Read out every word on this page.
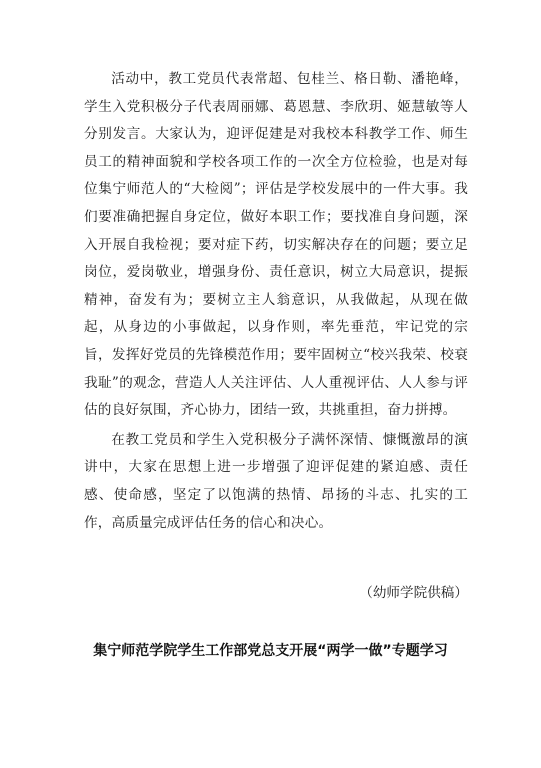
活动中，教工党员代表常超、包桂兰、格日勒、潘艳峰，学生入党积极分子代表周丽娜、葛恩慧、李欣玥、姬慧敏等人分别发言。大家认为，迎评促建是对我校本科教学工作、师生员工的精神面貌和学校各项工作的一次全方位检验，也是对每位集宁师范人的“大检阅”；评估是学校发展中的一件大事。我们要准确把握自身定位，做好本职工作；要找准自身问题，深入开展自我检视；要对症下药，切实解决存在的问题；要立足岗位，爱岗敬业，增强身份、责任意识，树立大局意识，提振精神，奋发有为；要树立主人翁意识，从我做起，从现在做起，从身边的小事做起，以身作则，率先垂范，牢记党的宗旨，发挥好党员的先锋模范作用；要牢固树立“校兴我荣、校衰我耻”的观念，营造人人关注评估、人人重视评估、人人参与评估的良好氛围，齐心协力，团结一致，共挑重担，奋力拼搏。

在教工党员和学生入党积极分子满怀深情、慷慨激昂的演讲中，大家在思想上进一步增强了迎评促建的紧迫感、责任感、使命感，坚定了以饱满的热情、昂扬的斗志、扎实的工作，高质量完成评估任务的信心和决心。

（幼师学院供稿）
集宁师范学院学生工作部党总支开展“两学一做”专题学习
